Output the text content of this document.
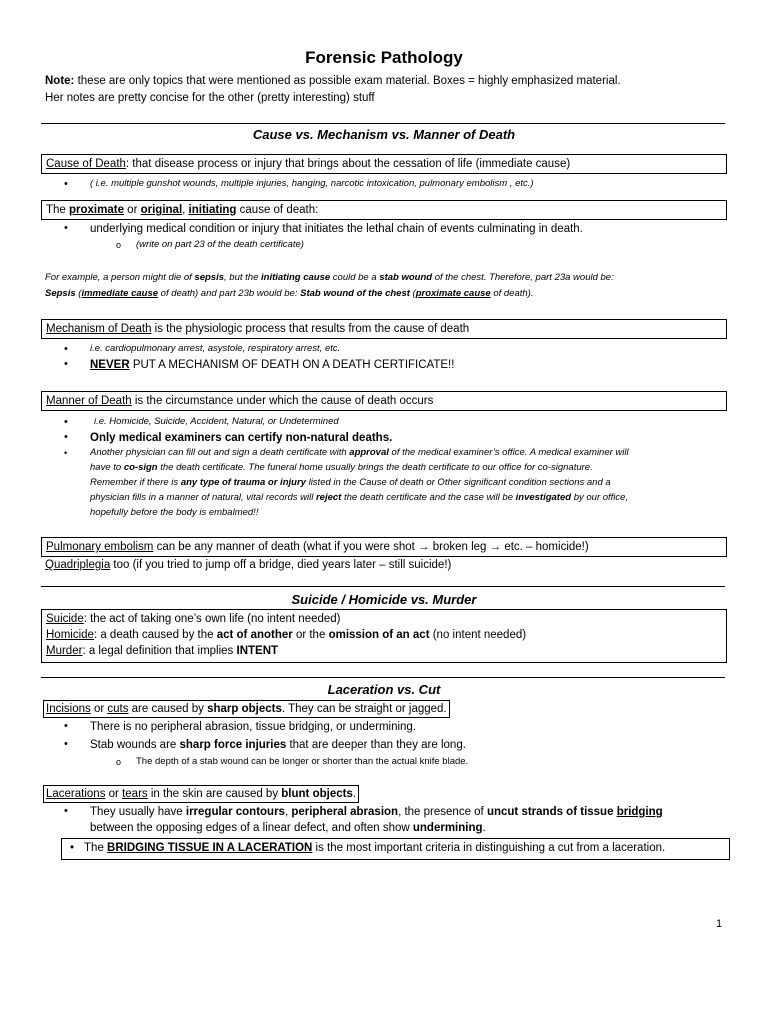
Forensic Pathology
Note: these are only topics that were mentioned as possible exam material. Boxes = highly emphasized material.
Her notes are pretty concise for the other (pretty interesting) stuff
Cause vs. Mechanism vs. Manner of Death
Cause of Death: that disease process or injury that brings about the cessation of life (immediate cause)
• ( i.e. multiple gunshot wounds, multiple injuries, hanging, narcotic intoxication, pulmonary embolism , etc.)
The proximate or original, initiating cause of death:
• underlying medical condition or injury that initiates the lethal chain of events culminating in death.
o (write on part 23 of the death certificate)
For example, a person might die of sepsis, but the initiating cause could be a stab wound of the chest. Therefore, part 23a would be:
Sepsis (immediate cause of death) and part 23b would be: Stab wound of the chest (proximate cause of death).
Mechanism of Death is the physiologic process that results from the cause of death
• i.e. cardiopulmonary arrest, asystole, respiratory arrest, etc.
• NEVER PUT A MECHANISM OF DEATH ON A DEATH CERTIFICATE!!
Manner of Death is the circumstance under which the cause of death occurs
•	i.e. Homicide, Suicide, Accident, Natural, or Undetermined
• Only medical examiners can certify non-natural deaths.
• Another physician can fill out and sign a death certificate with approval of the medical examiner’s office. A medical examiner will
have to co-sign the death certificate. The funeral home usually brings the death certificate to our office for co-signature.
Remember if there is any type of trauma or injury listed in the Cause of death or Other significant condition sections and a
physician fills in a manner of natural, vital records will reject the death certificate and the case will be investigated by our office,
hopefully before the body is embalmed!!
Pulmonary embolism can be any manner of death (what if you were shot → broken leg → etc. – homicide!)
Quadriplegia too (if you tried to jump off a bridge, died years later – still suicide!)
Suicide / Homicide vs. Murder
Suicide: the act of taking one’s own life (no intent needed)
Homicide: a death caused by the act of another or the omission of an act (no intent needed)
Murder: a legal definition that implies INTENT
Laceration vs. Cut
Incisions or cuts are caused by sharp objects. They can be straight or jagged.
• There is no peripheral abrasion, tissue bridging, or undermining.
• Stab wounds are sharp force injuries that are deeper than they are long.
o The depth of a stab wound can be longer or shorter than the actual knife blade.
Lacerations or tears in the skin are caused by blunt objects.
• They usually have irregular contours, peripheral abrasion, the presence of uncut strands of tissue bridging
between the opposing edges of a linear defect, and often show undermining.
• The BRIDGING TISSUE IN A LACERATION is the most important criteria in distinguishing a cut from a laceration.
1
